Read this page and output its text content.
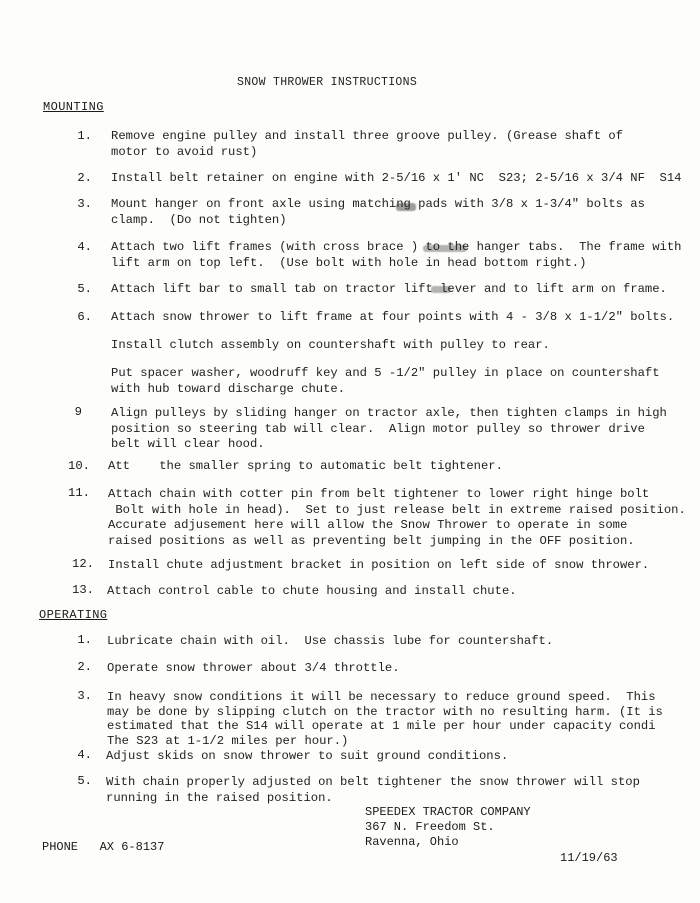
SNOW THROWER INSTRUCTIONS
MOUNTING
1. Remove engine pulley and install three groove pulley. (Grease shaft of
motor to avoid rust)
2. Install belt retainer on engine with 2-5/16 x 1' NC  S23; 2-5/16 x 3/4 NF  S14
3. Mount hanger on front axle using matching pads with 3/8 x 1-3/4" bolts as
clamp.  (Do not tighten)
4. Attach two lift frames (with cross brace ) to the hanger tabs.  The frame with
lift arm on top left.  (Use bolt with hole in head bottom right.)
5. Attach lift bar to small tab on tractor lift lever and to lift arm on frame.
6. Attach snow thrower to lift frame at four points with 4 - 3/8 x 1-1/2" bolts.
Install clutch assembly on countershaft with pulley to rear.
Put spacer washer, woodruff key and 5 -1/2" pulley in place on countershaft
with hub toward discharge chute.
9 Align pulleys by sliding hanger on tractor axle, then tighten clamps in high
position so steering tab will clear.  Align motor pulley so thrower drive
belt will clear hood.
10. Att    the smaller spring to automatic belt tightener.
11. Attach chain with cotter pin from belt tightener to lower right hinge bolt
Bolt with hole in head).  Set to just release belt in extreme raised position.
Accurate adjusement here will allow the Snow Thrower to operate in some
raised positions as well as preventing belt jumping in the OFF position.
12. Install chute adjustment bracket in position on left side of snow thrower.
13. Attach control cable to chute housing and install chute.
OPERATING
1. Lubricate chain with oil.  Use chassis lube for countershaft.
2. Operate snow thrower about 3/4 throttle.
3. In heavy snow conditions it will be necessary to reduce ground speed.  This
may be done by slipping clutch on the tractor with no resulting harm. (It is
estimated that the S14 will operate at 1 mile per hour under capacity condi
The S23 at 1-1/2 miles per hour.)
4. Adjust skids on snow thrower to suit ground conditions.
5. With chain properly adjusted on belt tightener the snow thrower will stop
running in the raised position.
SPEEDEX TRACTOR COMPANY
367 N. Freedom St.
Ravenna, Ohio
PHONE   AX 6-8137
11/19/63
